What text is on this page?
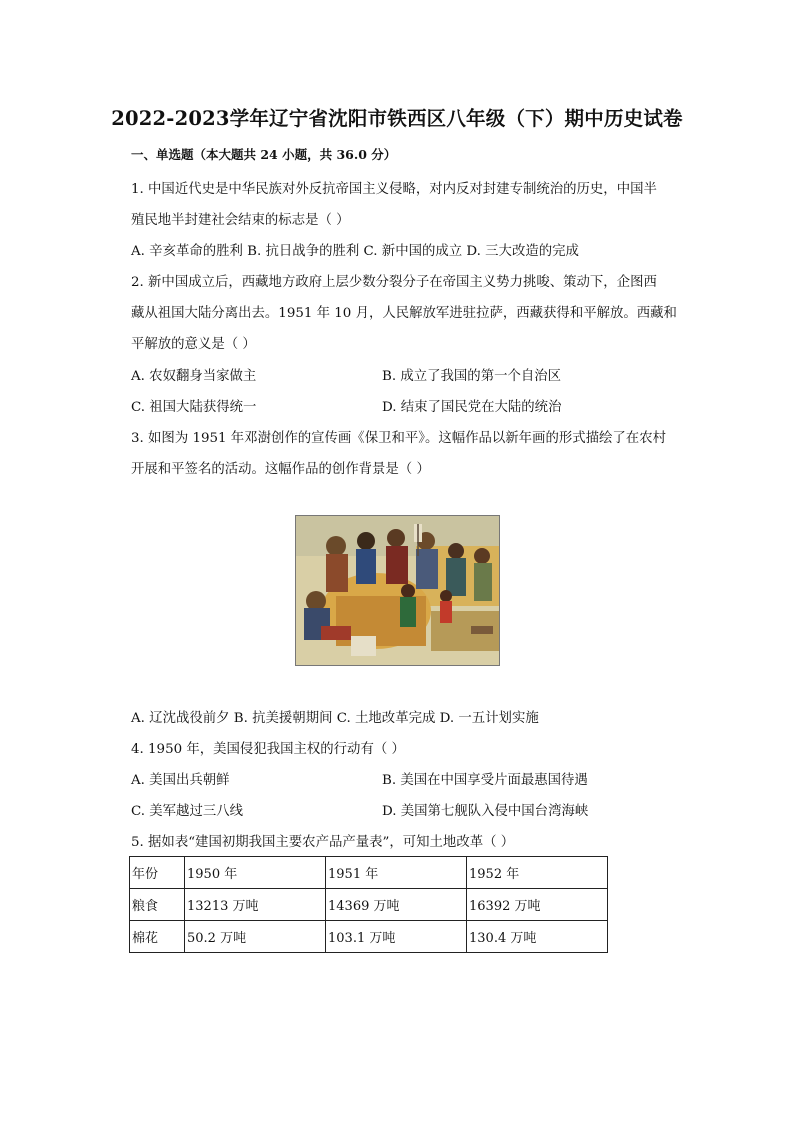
2022-2023学年辽宁省沈阳市铁西区八年级（下）期中历史试卷
一、单选题（本大题共 24 小题，共 36.0 分）
1. 中国近代史是中华民族对外反抗帝国主义侵略，对内反对封建专制统治的历史，中国半
殖民地半封建社会结束的标志是（ ）
A. 辛亥革命的胜利 B. 抗日战争的胜利 C. 新中国的成立 D. 三大改造的完成
2. 新中国成立后，西藏地方政府上层少数分裂分子在帝国主义势力挑唆、策动下，企图西
藏从祖国大陆分离出去。1951 年 10 月，人民解放军进驻拉萨，西藏获得和平解放。西藏和
平解放的意义是（ ）
A. 农奴翻身当家做主	B. 成立了我国的第一个自治区
C. 祖国大陆获得统一	D. 结束了国民党在大陆的统治
3. 如图为 1951 年邓澍创作的宣传画《保卫和平》。这幅作品以新年画的形式描绘了在农村
开展和平签名的活动。这幅作品的创作背景是（ ）
A. 辽沈战役前夕 B. 抗美援朝期间 C. 土地改革完成 D. 一五计划实施
4. 1950 年，美国侵犯我国主权的行动有（ ）
A. 美国出兵朝鲜	B. 美国在中国享受片面最惠国待遇
C. 美军越过三八线	D. 美国第七舰队入侵中国台湾海峡
5. 据如表“建国初期我国主要农产品产量表”，可知土地改革（ ）
年份	1950 年	1951 年	1952 年
粮食	13213 万吨	14369 万吨	16392 万吨
棉花	50.2 万吨	103.1 万吨	130.4 万吨
